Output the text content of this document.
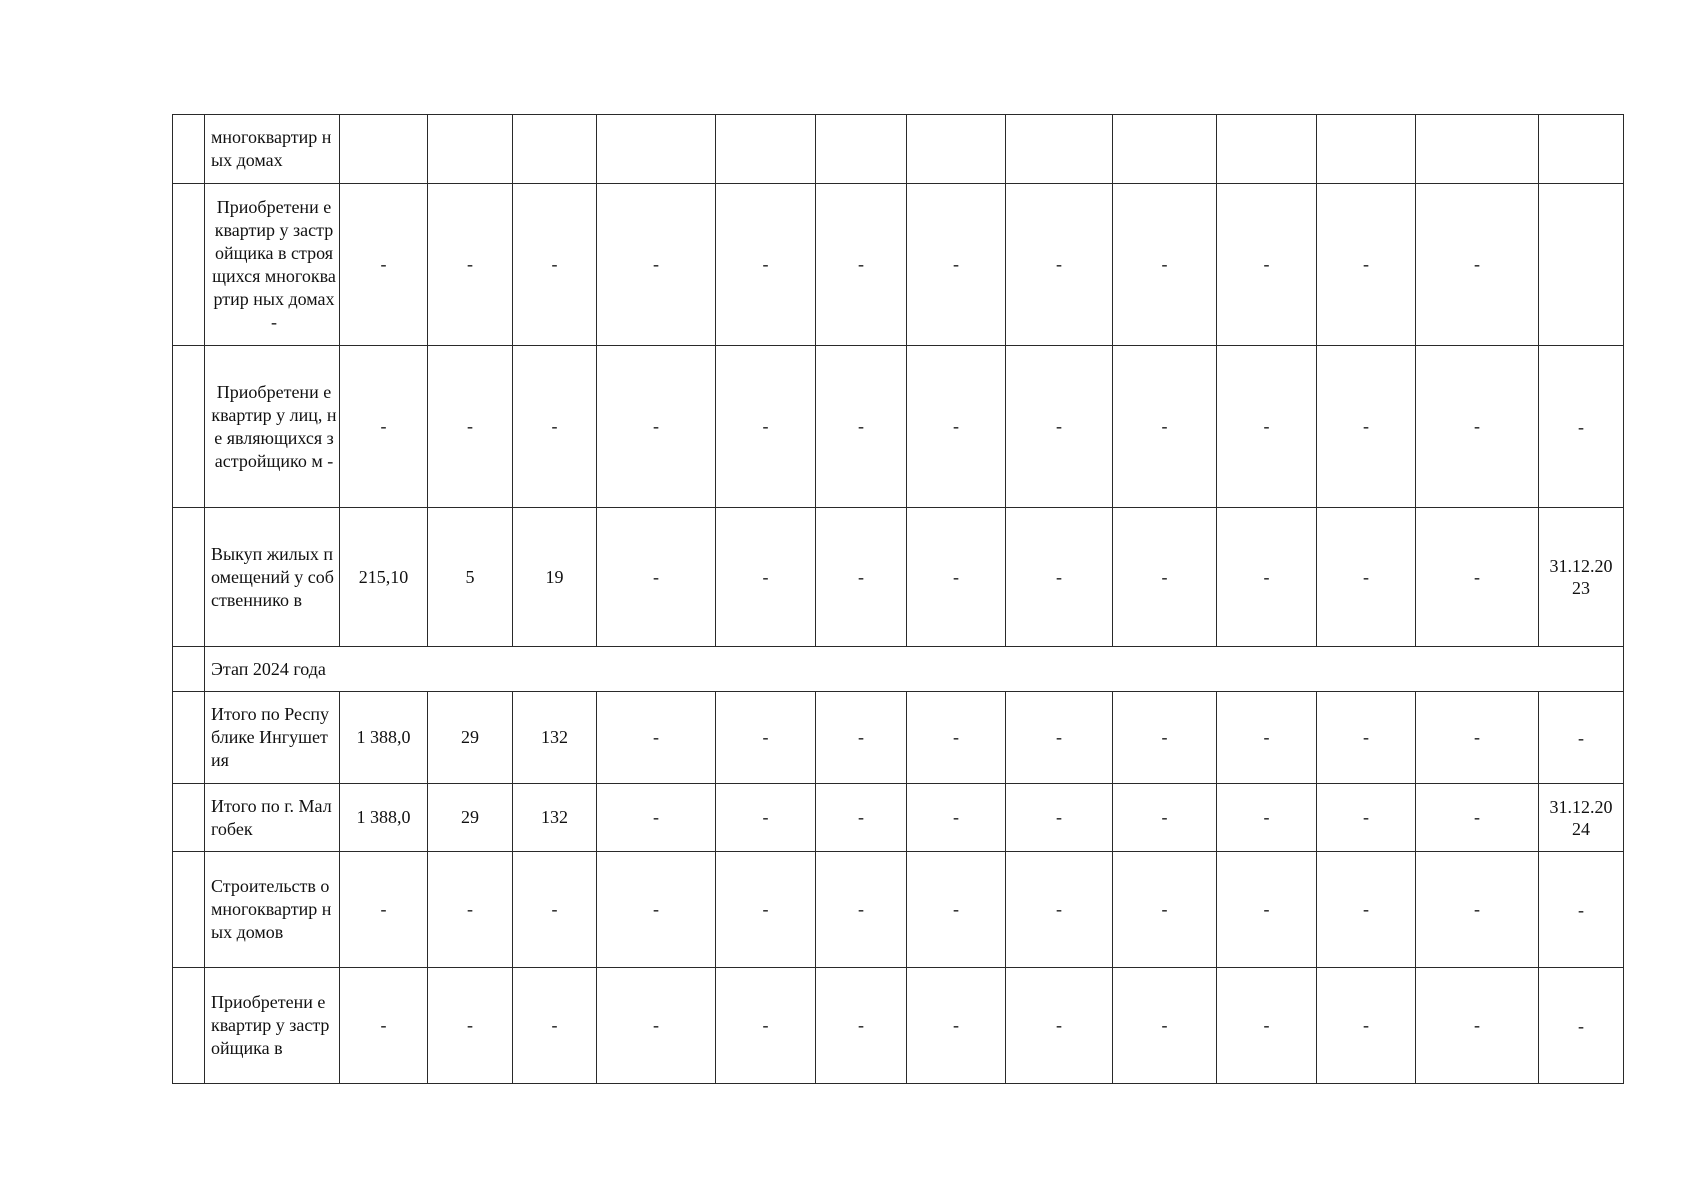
	многоквартир ных домах													
	Приобретени е квартир у застройщика в строящихся многоквартир ных домах -	-	-	-	-	-	-	-	-	-	-	-	-	
	Приобретени е квартир у лиц, не являющихся застройщико м -	-	-	-	-	-	-	-	-	-	-	-	-	-
	Выкуп жилых помещений у собственнико в	215,10	5	19	-	-	-	-	-	-	-	-	-	31.12.20 23
	Этап 2024 года													
	Итого по Республике Ингушетия	1 388,0	29	132	-	-	-	-	-	-	-	-	-	-
	Итого по г. Малгобек	1 388,0	29	132	-	-	-	-	-	-	-	-	-	31.12.20 24
	Строительств о многоквартир ных домов	-	-	-	-	-	-	-	-	-	-	-	-	-
	Приобретени е квартир у застройщика в	-	-	-	-	-	-	-	-	-	-	-	-	-
